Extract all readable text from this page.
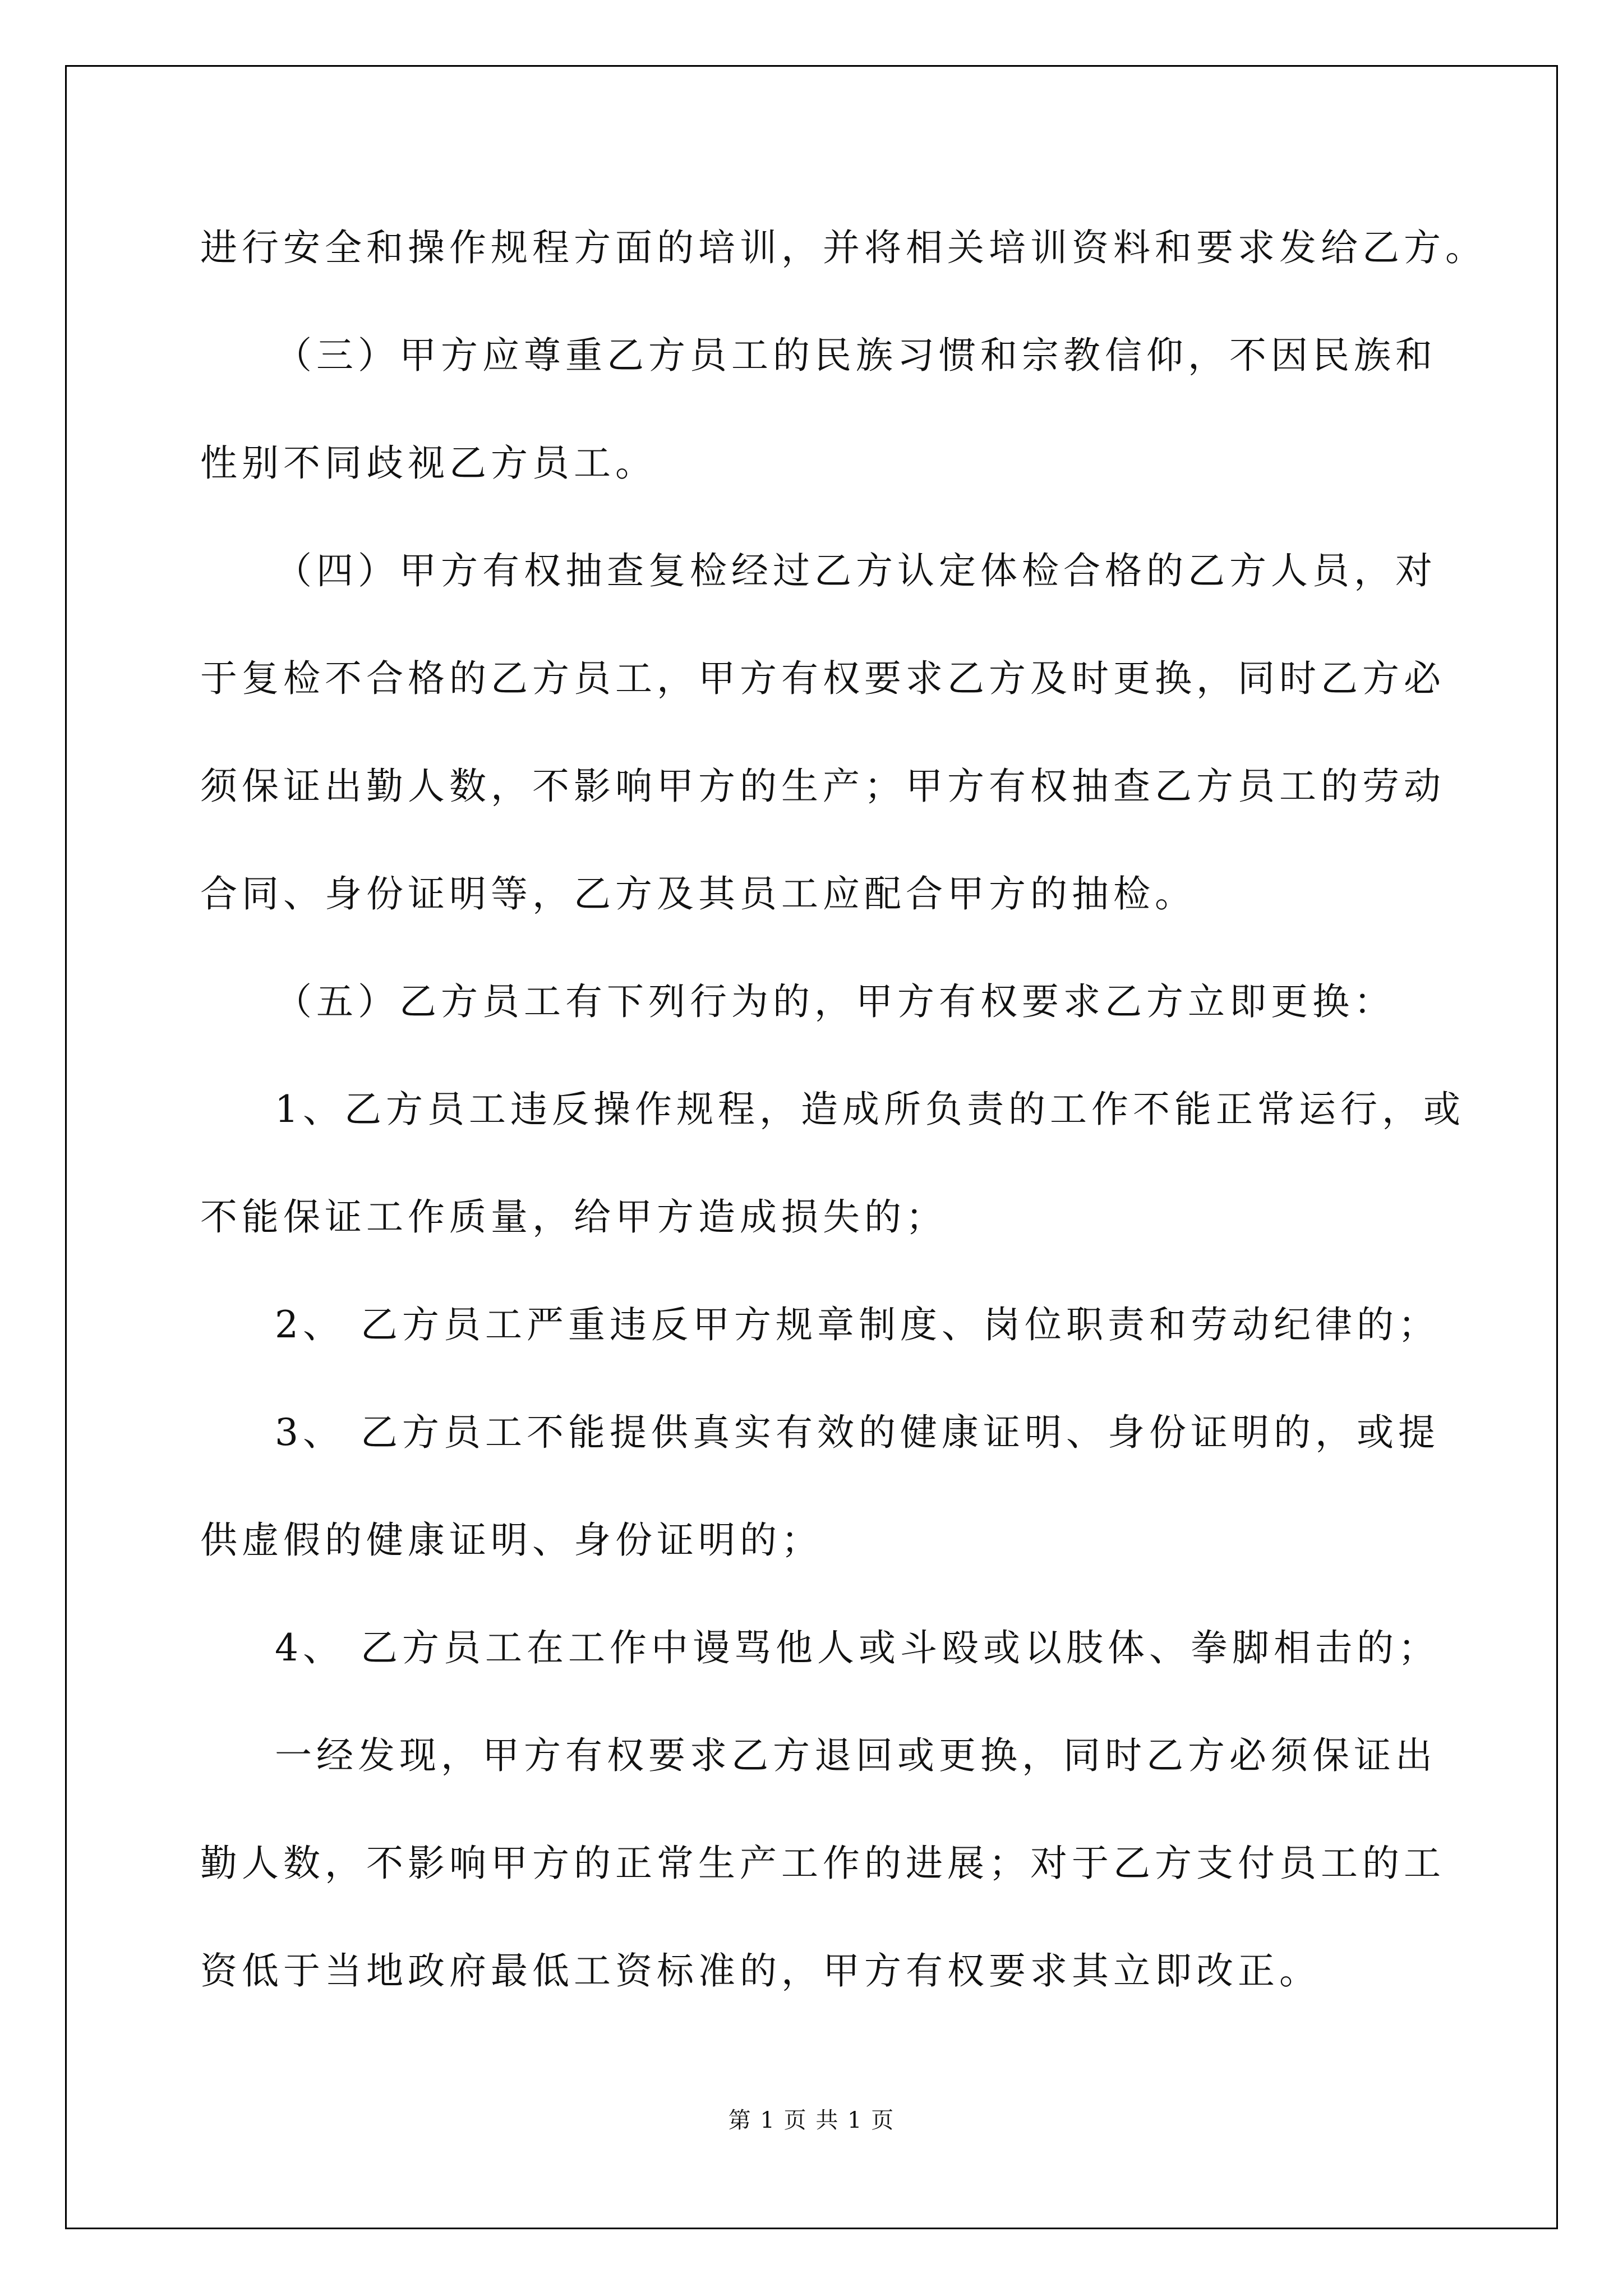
进行安全和操作规程方面的培训，并将相关培训资料和要求发给乙方。
（三）甲方应尊重乙方员工的民族习惯和宗教信仰，不因民族和
性别不同歧视乙方员工。
（四）甲方有权抽查复检经过乙方认定体检合格的乙方人员，对
于复检不合格的乙方员工，甲方有权要求乙方及时更换，同时乙方必
须保证出勤人数，不影响甲方的生产；甲方有权抽查乙方员工的劳动
合同、身份证明等，乙方及其员工应配合甲方的抽检。
（五）乙方员工有下列行为的，甲方有权要求乙方立即更换：
1、乙方员工违反操作规程，造成所负责的工作不能正常运行，或
不能保证工作质量，给甲方造成损失的；
2、 乙方员工严重违反甲方规章制度、岗位职责和劳动纪律的；
3、 乙方员工不能提供真实有效的健康证明、身份证明的，或提
供虚假的健康证明、身份证明的；
4、 乙方员工在工作中谩骂他人或斗殴或以肢体、拳脚相击的；
一经发现，甲方有权要求乙方退回或更换，同时乙方必须保证出
勤人数，不影响甲方的正常生产工作的进展；对于乙方支付员工的工
资低于当地政府最低工资标准的，甲方有权要求其立即改正。
第 1 页 共 1 页
